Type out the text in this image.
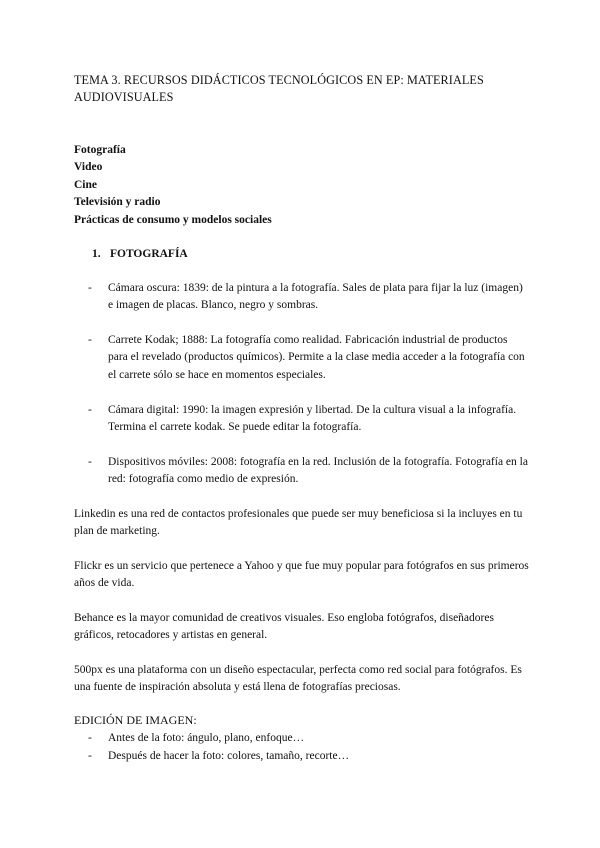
TEMA 3. RECURSOS DIDÁCTICOS TECNOLÓGICOS EN EP: MATERIALES AUDIOVISUALES
Fotografía
Video
Cine
Televisión y radio
Prácticas de consumo y modelos sociales
1. FOTOGRAFÍA
- Cámara oscura: 1839: de la pintura a la fotografía. Sales de plata para fijar la luz (imagen) e imagen de placas. Blanco, negro y sombras.
- Carrete Kodak; 1888: La fotografía como realidad. Fabricación industrial de productos para el revelado (productos químicos). Permite a la clase media acceder a la fotografía con el carrete sólo se hace en momentos especiales.
- Cámara digital: 1990: la imagen expresión y libertad. De la cultura visual a la infografía. Termina el carrete kodak. Se puede editar la fotografía.
- Dispositivos móviles: 2008: fotografía en la red. Inclusión de la fotografía. Fotografía en la red: fotografía como medio de expresión.
Linkedin es una red de contactos profesionales que puede ser muy beneficiosa si la incluyes en tu plan de marketing.
Flickr es un servicio que pertenece a Yahoo y que fue muy popular para fotógrafos en sus primeros años de vida.
Behance es la mayor comunidad de creativos visuales. Eso engloba fotógrafos, diseñadores gráficos, retocadores y artistas en general.
500px es una plataforma con un diseño espectacular, perfecta como red social para fotógrafos. Es una fuente de inspiración absoluta y está llena de fotografías preciosas.
EDICIÓN DE IMAGEN:
- Antes de la foto: ángulo, plano, enfoque…
- Después de hacer la foto: colores, tamaño, recorte…
